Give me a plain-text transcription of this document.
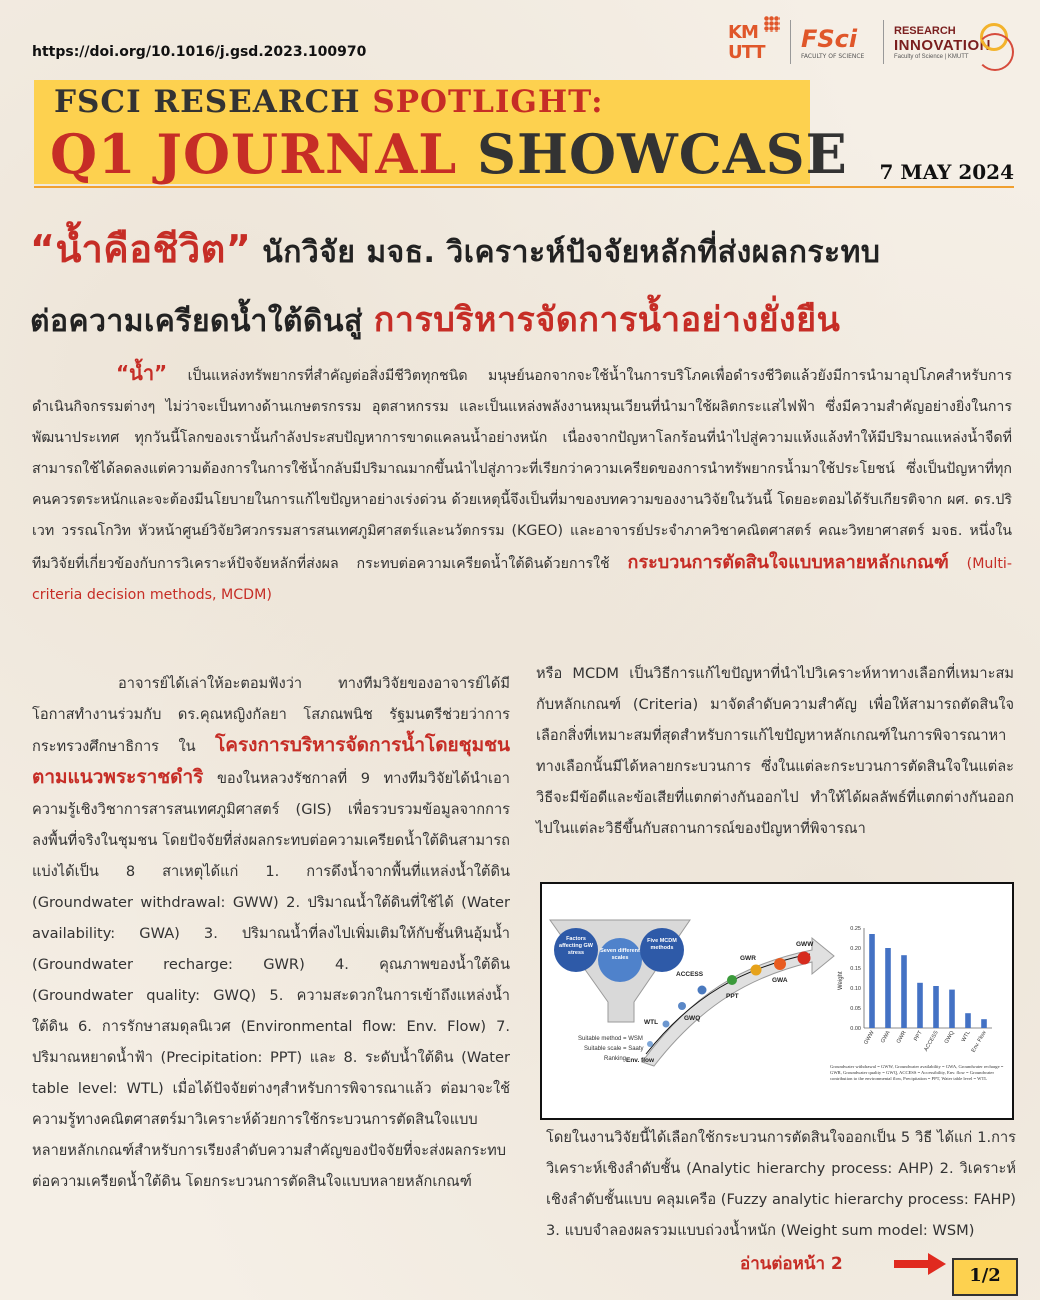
https://doi.org/10.1016/j.gsd.2023.100970
KM
UTT FSci
FACULTY OF SCIENCE
RESEARCH
INNOVATION
Faculty of Science | KMUTT
FSCI RESEARCH SPOTLIGHT:
Q1 JOURNAL SHOWCASE 7 MAY 2024
“น้ำคือชีวิต” นักวิจัย มจธ. วิเคราะห์ปัจจัยหลักที่ส่งผลกระทบ
ต่อความเครียดน้ำใต้ดินสู่ การบริหารจัดการน้ำอย่างยั่งยืน
“น้ำ” เป็นแหล่งทรัพยากรที่สำคัญต่อสิ่งมีชีวิตทุกชนิด มนุษย์นอกจากจะใช้น้ำในการบริโภคเพื่อดำรงชีวิตแล้วยังมีการนำมาอุปโภคสำหรับการดำเนินกิจกรรมต่างๆ ไม่ว่าจะเป็นทางด้านเกษตรกรรม อุตสาหกรรม และเป็นแหล่งพลังงานหมุนเวียนที่นำมาใช้ผลิตกระแสไฟฟ้า ซึ่งมีความสำคัญอย่างยิ่งในการพัฒนาประเทศ ทุกวันนี้โลกของเรานั้นกำลังประสบปัญหาการขาดแคลนน้ำอย่างหนัก เนื่องจากปัญหาโลกร้อนที่นำไปสู่ความแห้งแล้งทำให้มีปริมาณแหล่งน้ำจืดที่สามารถใช้ได้ลดลงแต่ความต้องการในการใช้น้ำกลับมีปริมาณมากขึ้นนำไปสู่ภาวะที่เรียกว่าความเครียดของการนำทรัพยากรน้ำมาใช้ประโยชน์ ซึ่งเป็นปัญหาที่ทุกคนควรตระหนักและจะต้องมีนโยบายในการแก้ไขปัญหาอย่างเร่งด่วน ด้วยเหตุนี้จึงเป็นที่มาของบทความของงานวิจัยในวันนี้ โดยอะตอมได้รับเกียรติจาก ผศ. ดร.ปริเวท วรรณโกวิท หัวหน้าศูนย์วิจัยวิศวกรรมสารสนเทศภูมิศาสตร์และนวัตกรรม (KGEO) และอาจารย์ประจำภาควิชาคณิตศาสตร์ คณะวิทยาศาสตร์ มจธ. หนึ่งในทีมวิจัยที่เกี่ยวข้องกับการวิเคราะห์ปัจจัยหลักที่ส่งผล กระทบต่อความเครียดน้ำใต้ดินด้วยการใช้ กระบวนการตัดสินใจแบบหลายหลักเกณฑ์ (Multi-criteria decision methods, MCDM)
อาจารย์ได้เล่าให้อะตอมฟังว่า ทางทีมวิจัยของอาจารย์ได้มีโอกาสทำงานร่วมกับ ดร.คุณหญิงกัลยา โสภณพนิช รัฐมนตรีช่วยว่าการกระทรวงศึกษาธิการ ใน โครงการบริหารจัดการน้ำโดยชุมชนตามแนวพระราชดำริ ของในหลวงรัชกาลที่ 9 ทางทีมวิจัยได้นำเอาความรู้เชิงวิชาการสารสนเทศภูมิศาสตร์ (GIS) เพื่อรวบรวมข้อมูลจากการลงพื้นที่จริงในชุมชน โดยปัจจัยที่ส่งผลกระทบต่อความเครียดน้ำใต้ดินสามารถแบ่งได้เป็น 8 สาเหตุได้แก่ 1. การดึงน้ำจากพื้นที่แหล่งน้ำใต้ดิน (Groundwater withdrawal: GWW) 2. ปริมาณน้ำใต้ดินที่ใช้ได้ (Water availability: GWA) 3. ปริมาณน้ำที่ลงไปเพิ่มเติมให้กับชั้นหินอุ้มน้ำ (Groundwater recharge: GWR) 4. คุณภาพของน้ำใต้ดิน (Groundwater quality: GWQ) 5. ความสะดวกในการเข้าถึงแหล่งน้ำใต้ดิน 6. การรักษาสมดุลนิเวศ (Environmental flow: Env. Flow) 7. ปริมาณหยาดน้ำฟ้า (Precipitation: PPT) และ 8. ระดับน้ำใต้ดิน (Water table level: WTL) เมื่อได้ปัจจัยต่างๆสำหรับการพิจารณาแล้ว ต่อมาจะใช้ความรู้ทางคณิตศาสตร์มาวิเคราะห์ด้วยการใช้กระบวนการตัดสินใจแบบหลายหลักเกณฑ์สำหรับการเรียงลำดับความสำคัญของปัจจัยที่จะส่งผลกระทบต่อความเครียดน้ำใต้ดิน โดยกระบวนการตัดสินใจแบบหลายหลักเกณฑ์
หรือ MCDM เป็นวิธีการแก้ไขปัญหาที่นำไปวิเคราะห์หาทางเลือกที่เหมาะสมกับหลักเกณฑ์ (Criteria) มาจัดลำดับความสำคัญ เพื่อให้สามารถตัดสินใจเลือกสิ่งที่เหมาะสมที่สุดสำหรับการแก้ไขปัญหาหลักเกณฑ์ในการพิจารณาหาทางเลือกนั้นมีได้หลายกระบวนการ ซึ่งในแต่ละกระบวนการตัดสินใจในแต่ละวิธีจะมีข้อดีและข้อเสียที่แตกต่างกันออกไป ทำให้ได้ผลลัพธ์ที่แตกต่างกันออกไปในแต่ละวิธีขึ้นกับสถานการณ์ของปัญหาที่พิจารณา
Factors affecting GW stress	Seven different scales
Five MCDM methods
Suitable method = WSM
Suitable scale = Saaty
Ranking Env. flow
WTL
GWQ
ACCESS
PPT
GWR
GWA
GWW
0.00
0.05
0.10
0.15
0.20
0.25
Weight
GWW GWA GWR PPT ACCESS GWQ WTL
Env. Flow
Groundwater withdrawal = GWW, Groundwater availability = GWA, Groundwater recharge = GWR, Groundwater quality = GWQ, ACCESS = Accessibility, Env. flow = Groundwater contribution to the environmental flow, Precipitation = PPT, Water table level = WTL
โดยในงานวิจัยนี้ได้เลือกใช้กระบวนการตัดสินใจออกเป็น 5 วิธี ได้แก่ 1.การวิเคราะห์เชิงลำดับชั้น (Analytic hierarchy process: AHP) 2. วิเคราะห์เชิงลำดับชั้นแบบ คลุมเครือ (Fuzzy analytic hierarchy process: FAHP) 3. แบบจำลองผลรวมแบบถ่วงน้ำหนัก (Weight sum model: WSM)
อ่านต่อหน้า 2
1/2
